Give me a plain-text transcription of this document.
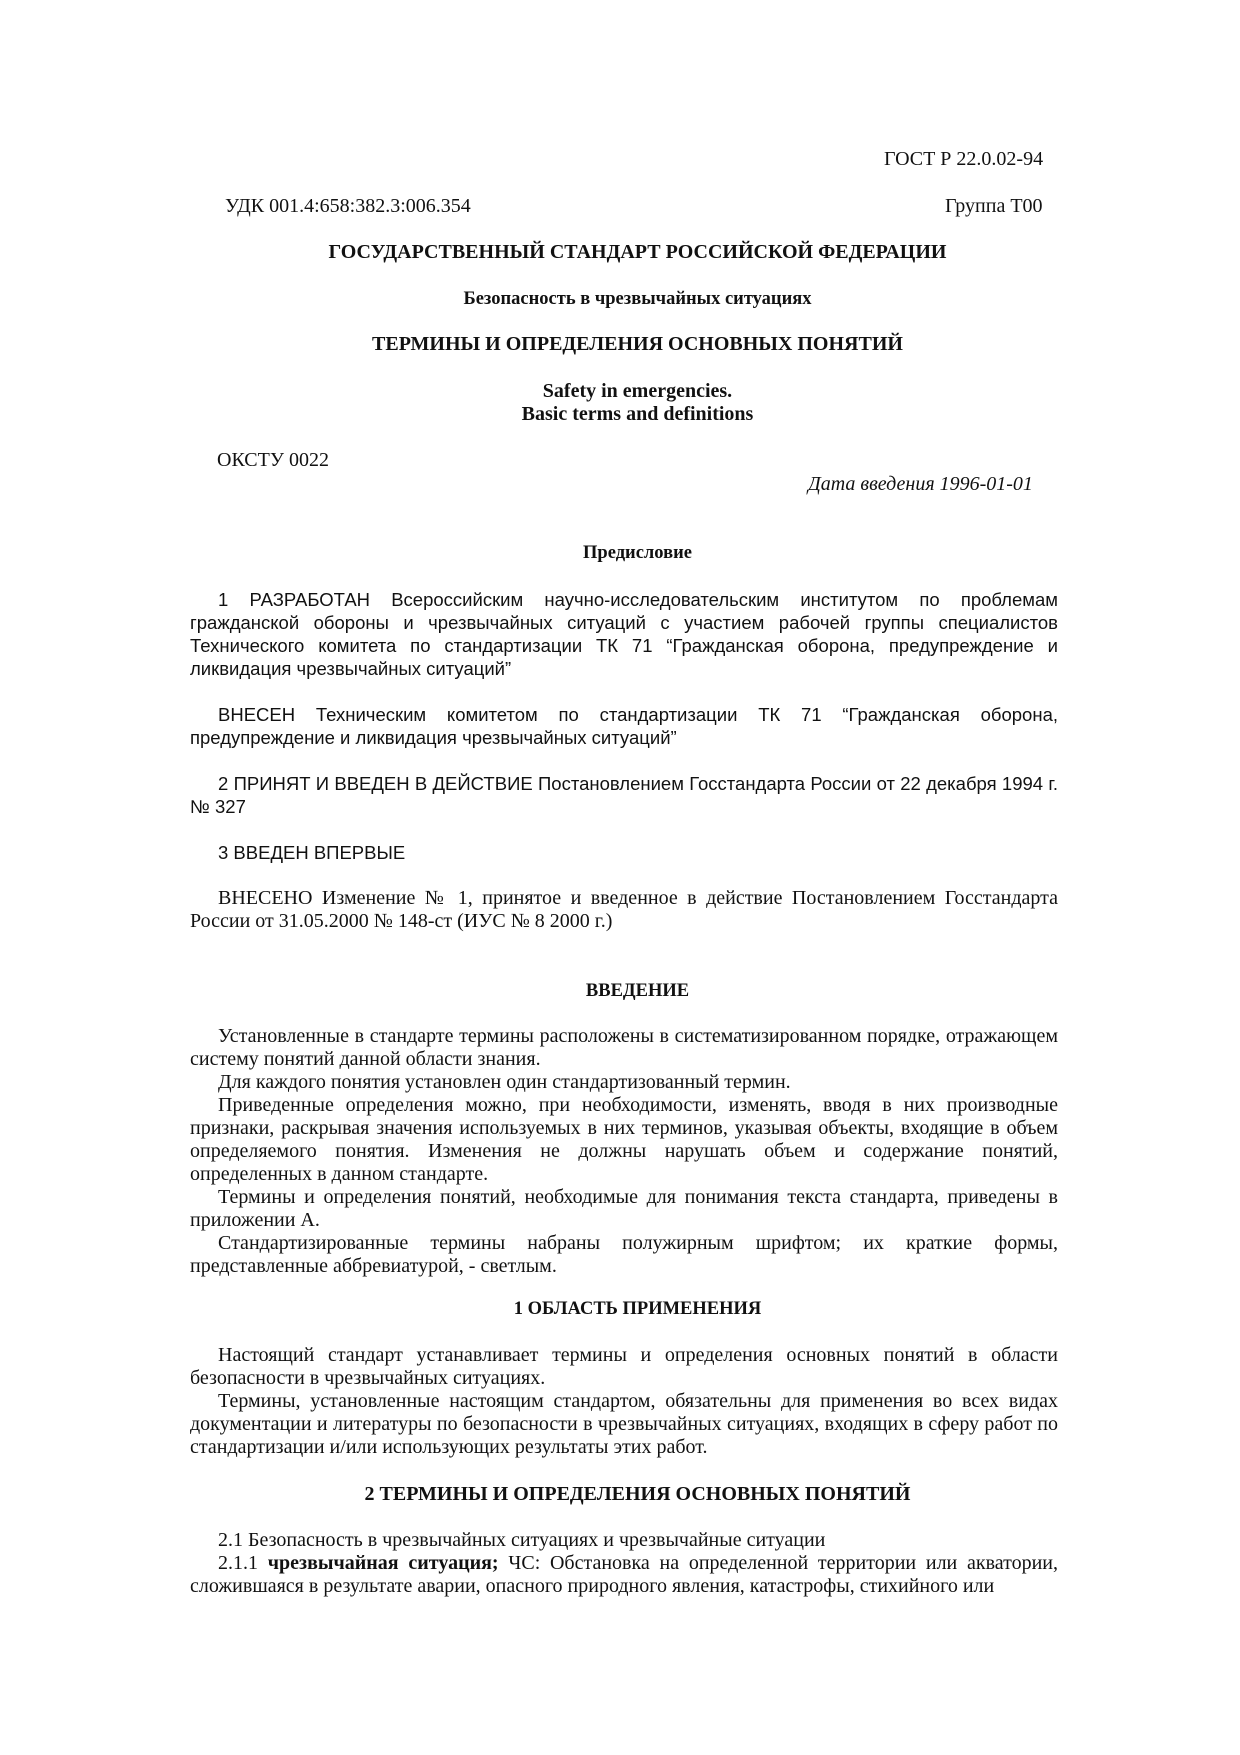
ГОСТ Р 22.0.02-94
УДК 001.4:658:382.3:006.354	Группа Т00
ГОСУДАРСТВЕННЫЙ СТАНДАРТ РОССИЙСКОЙ ФЕДЕРАЦИИ
Безопасность в чрезвычайных ситуациях
ТЕРМИНЫ И ОПРЕДЕЛЕНИЯ ОСНОВНЫХ ПОНЯТИЙ
Safety in emergencies.
Basic terms and definitions
ОКСТУ 0022
Дата введения 1996-01-01
Предисловие

1 РАЗРАБОТАН Всероссийским научно-исследовательским институтом по проблемам гражданской обороны и чрезвычайных ситуаций с участием рабочей группы специалистов Технического комитета по стандартизации ТК 71 “Гражданская оборона, предупреждение и ликвидация чрезвычайных ситуаций”

ВНЕСЕН Техническим комитетом по стандартизации ТК 71 “Гражданская оборона, предупреждение и ликвидация чрезвычайных ситуаций”

2 ПРИНЯТ И ВВЕДЕН В ДЕЙСТВИЕ Постановлением Госстандарта России от 22 декабря 1994 г. № 327

3 ВВЕДЕН ВПЕРВЫЕ

ВНЕСЕНО Изменение № 1, принятое и введенное в действие Постановлением Госстандарта России от 31.05.2000 № 148-ст (ИУС № 8 2000 г.)

ВВЕДЕНИЕ

Установленные в стандарте термины расположены в систематизированном порядке, отражающем систему понятий данной области знания.

Для каждого понятия установлен один стандартизованный термин.

Приведенные определения можно, при необходимости, изменять, вводя в них производные признаки, раскрывая значения используемых в них терминов, указывая объекты, входящие в объем определяемого понятия. Изменения не должны нарушать объем и содержание понятий, определенных в данном стандарте.

Термины и определения понятий, необходимые для понимания текста стандарта, приведены в приложении А.

Стандартизированные термины набраны полужирным шрифтом; их краткие формы, представленные аббревиатурой, - светлым.

1 ОБЛАСТЬ ПРИМЕНЕНИЯ

Настоящий стандарт устанавливает термины и определения основных понятий в области безопасности в чрезвычайных ситуациях.

Термины, установленные настоящим стандартом, обязательны для применения во всех видах документации и литературы по безопасности в чрезвычайных ситуациях, входящих в сферу работ по стандартизации и/или использующих результаты этих работ.

2 ТЕРМИНЫ И ОПРЕДЕЛЕНИЯ ОСНОВНЫХ ПОНЯТИЙ

2.1 Безопасность в чрезвычайных ситуациях и чрезвычайные ситуации

2.1.1 чрезвычайная ситуация; ЧС: Обстановка на определенной территории или акватории, сложившаяся в результате аварии, опасного природного явления, катастрофы, стихийного или
